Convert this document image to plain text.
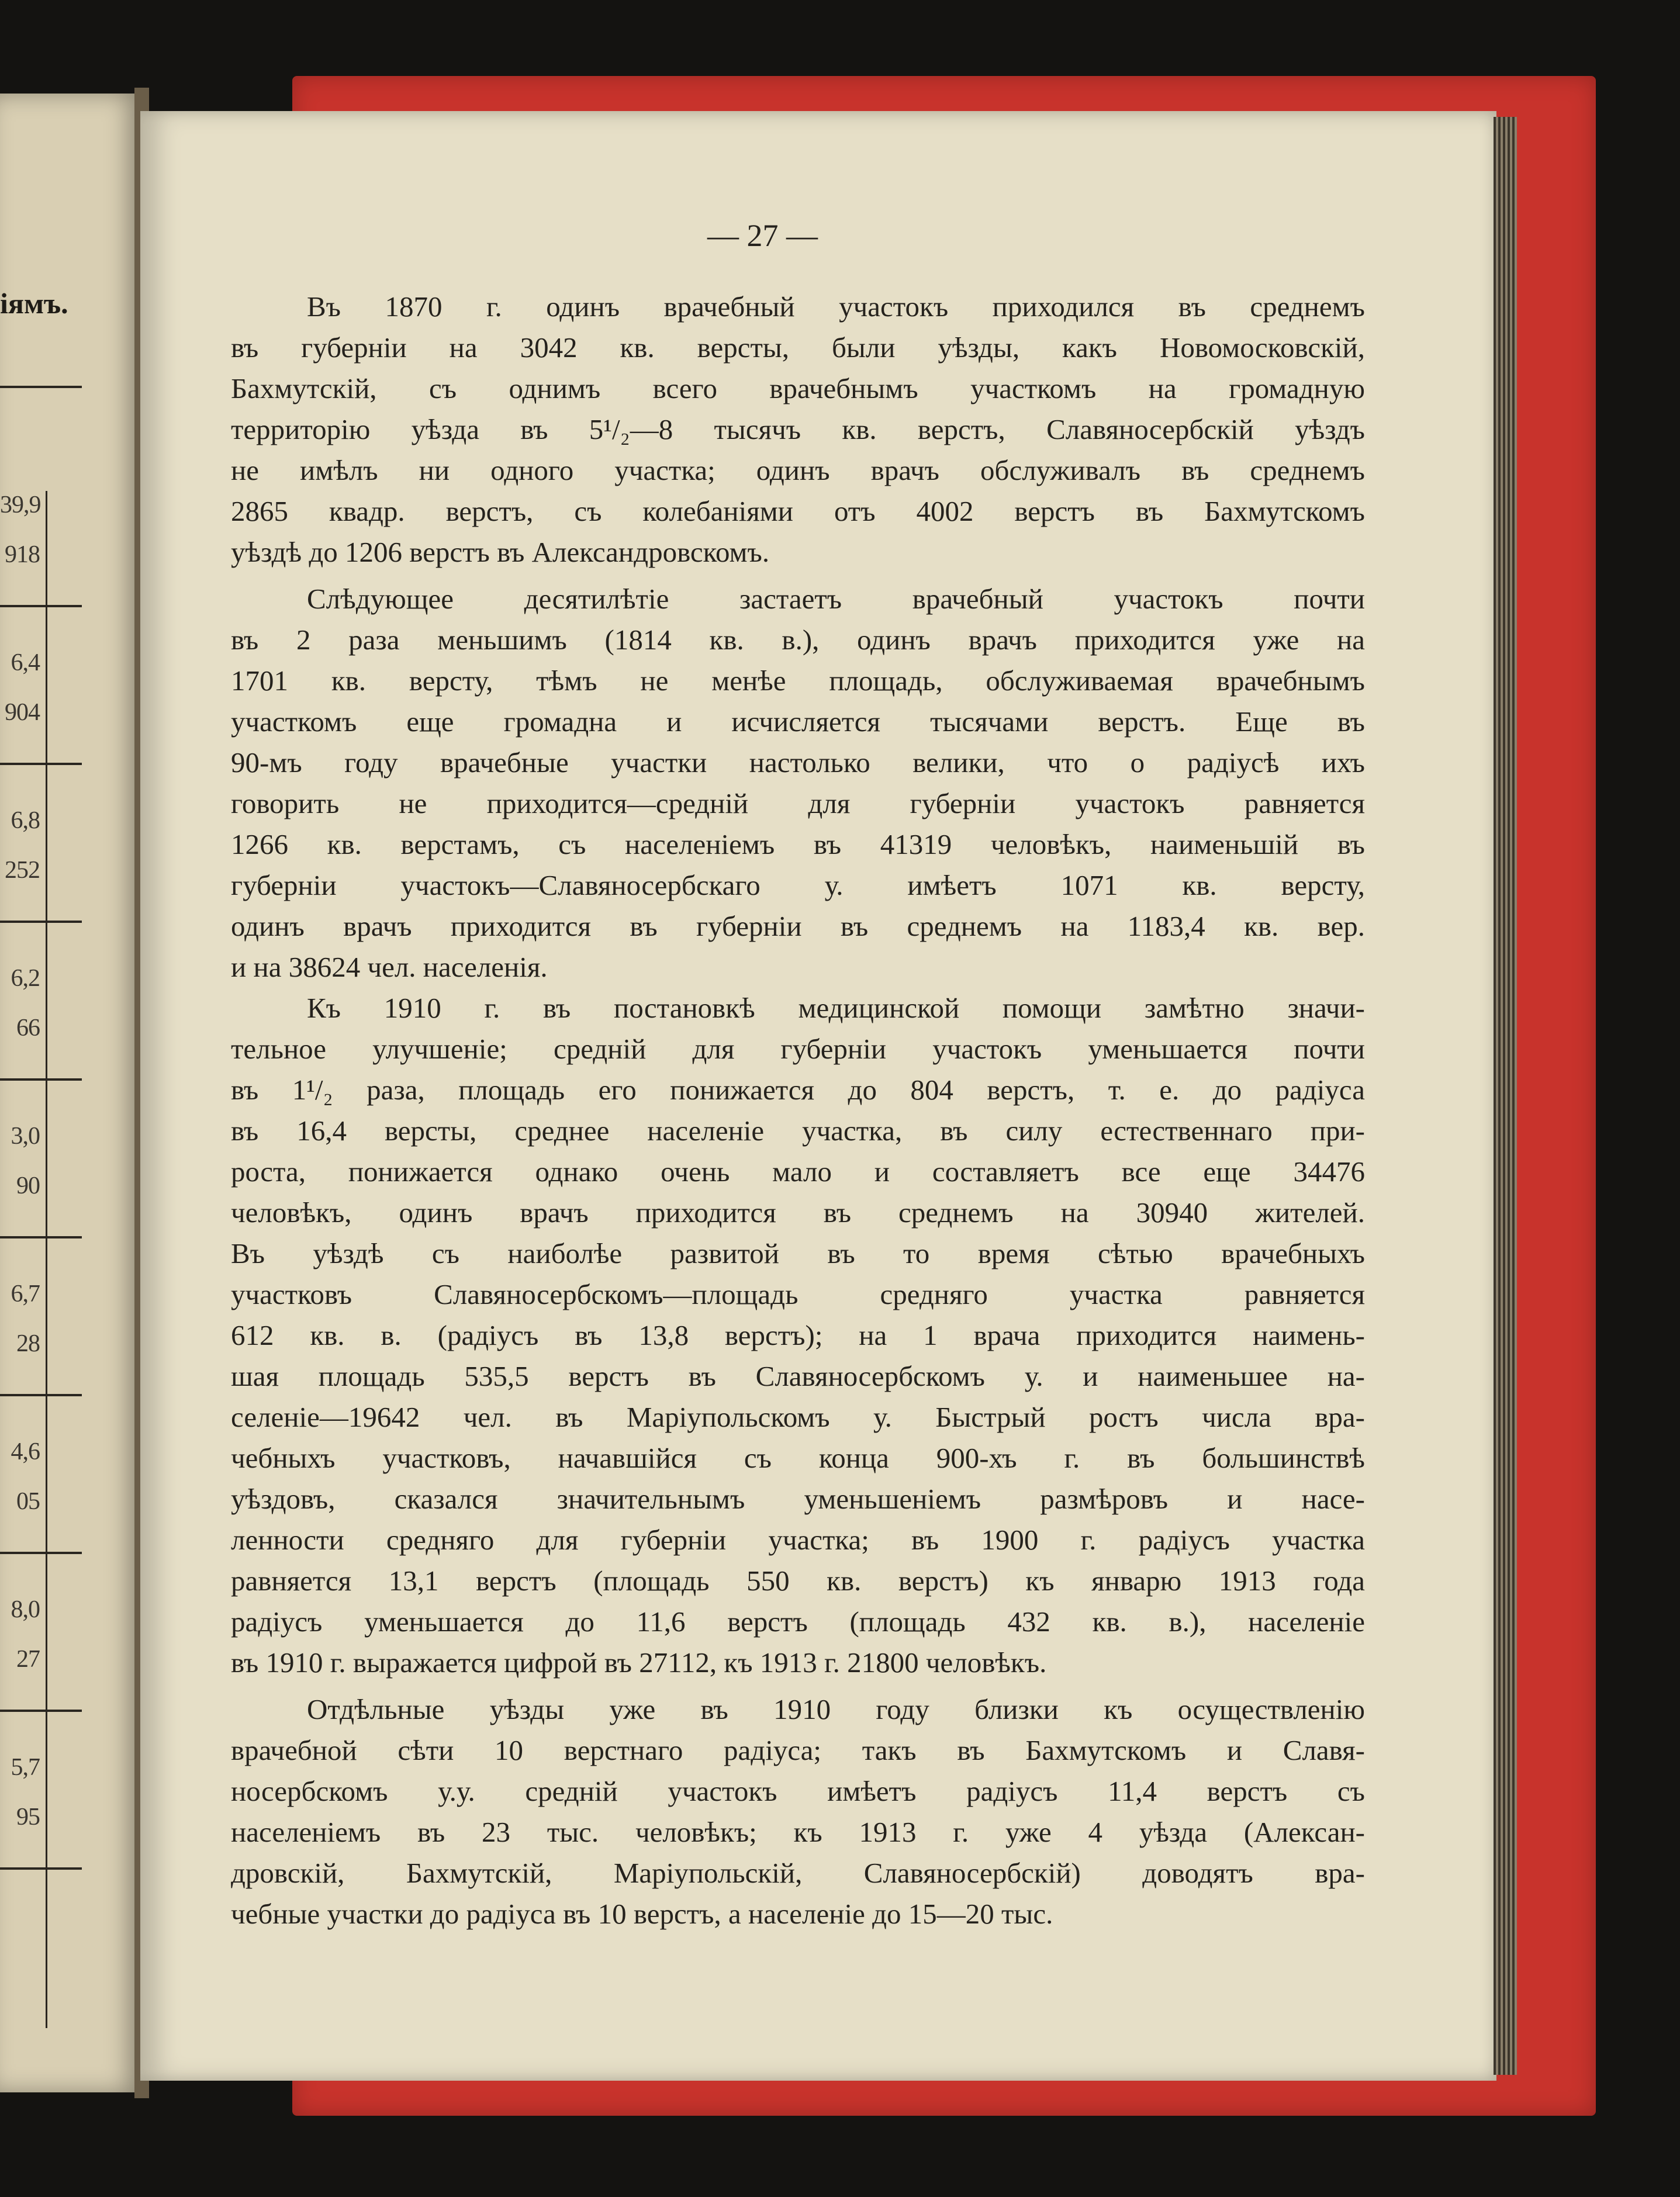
39,9
918
6,4
904
6,8
252
6,2
66
3,0
90
6,7
28
4,6
05
8,0
27
5,7
95
іямъ.
— 27 —
Въ 1870 г. одинъ врачебный участокъ приходился въ среднемъ
въ губерніи на 3042 кв. версты, были уѣзды, какъ Новомосковскій,
Бахмутскій, съ однимъ всего врачебнымъ участкомъ на громадную
территорію уѣзда въ 5¹/₂—8 тысячъ кв. верстъ, Славяносербскій уѣздъ
не имѣлъ ни одного участка; одинъ врачъ обслуживалъ въ среднемъ
2865 квадр. верстъ, съ колебаніями отъ 4002 верстъ въ Бахмутскомъ
уѣздѣ до 1206 верстъ въ Александровскомъ.
Слѣдующее десятилѣтіе застаетъ врачебный участокъ почти
въ 2 раза меньшимъ (1814 кв. в.), одинъ врачъ приходится уже на
1701 кв. версту, тѣмъ не менѣе площадь, обслуживаемая врачебнымъ
участкомъ еще громадна и исчисляется тысячами верстъ. Еще въ
90-мъ году врачебные участки настолько велики, что о радіусѣ ихъ
говорить не приходится—средній для губерніи участокъ равняется
1266 кв. верстамъ, съ населеніемъ въ 41319 человѣкъ, наименьшій въ
губерніи участокъ—Славяносербскаго у. имѣетъ 1071 кв. версту,
одинъ врачъ приходится въ губерніи въ среднемъ на 1183,4 кв. вер.
и на 38624 чел. населенія.
Къ 1910 г. въ постановкѣ медицинской помощи замѣтно значи-
тельное улучшеніе; средній для губерніи участокъ уменьшается почти
въ 1¹/₂ раза, площадь его понижается до 804 верстъ, т. е. до радіуса
въ 16,4 версты, среднее населеніе участка, въ силу естественнаго при-
роста, понижается однако очень мало и составляетъ все еще 34476
человѣкъ, одинъ врачъ приходится въ среднемъ на 30940 жителей.
Въ уѣздѣ съ наиболѣе развитой въ то время сѣтью врачебныхъ
участковъ Славяносербскомъ—площадь средняго участка равняется
612 кв. в. (радіусъ въ 13,8 верстъ); на 1 врача приходится наимень-
шая площадь 535,5 верстъ въ Славяносербскомъ у. и наименьшее на-
селеніе—19642 чел. въ Маріупольскомъ у. Быстрый ростъ числа вра-
чебныхъ участковъ, начавшійся съ конца 900-хъ г. въ большинствѣ
уѣздовъ, сказался значительнымъ уменьшеніемъ размѣровъ и насе-
ленности средняго для губерніи участка; въ 1900 г. радіусъ участка
равняется 13,1 верстъ (площадь 550 кв. верстъ) къ январю 1913 года
радіусъ уменьшается до 11,6 верстъ (площадь 432 кв. в.), населеніе
въ 1910 г. выражается цифрой въ 27112, къ 1913 г. 21800 человѣкъ.
Отдѣльные уѣзды уже въ 1910 году близки къ осуществленію
врачебной сѣти 10 верстнаго радіуса; такъ въ Бахмутскомъ и Славя-
носербскомъ у.у. средній участокъ имѣетъ радіусъ 11,4 верстъ съ
населеніемъ въ 23 тыс. человѣкъ; къ 1913 г. уже 4 уѣзда (Алексан-
дровскій, Бахмутскій, Маріупольскій, Славяносербскій) доводятъ вра-
чебные участки до радіуса въ 10 верстъ, а населеніе до 15—20 тыс.
